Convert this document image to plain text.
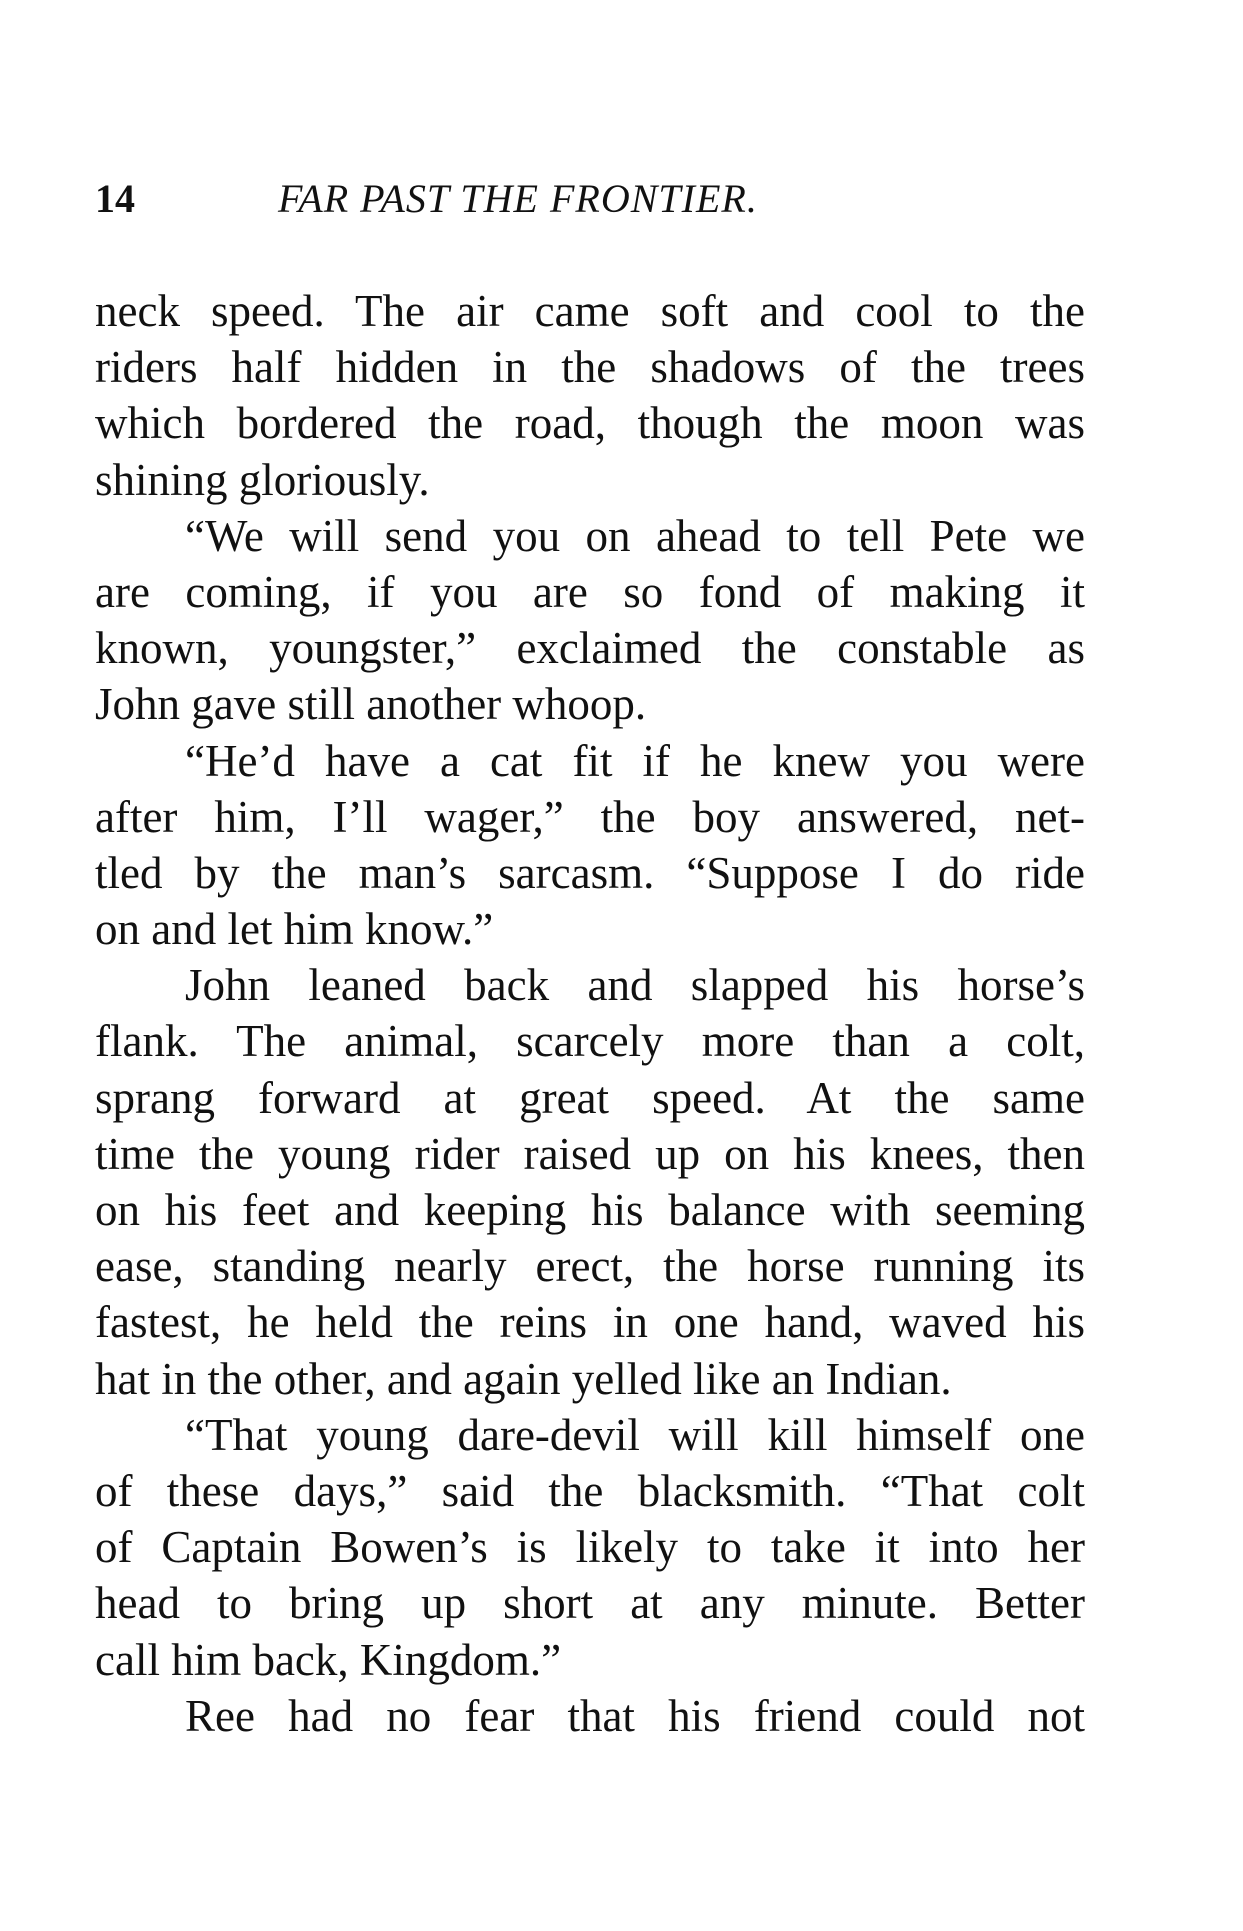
14	FAR PAST THE FRONTIER.
neck speed. The air came soft and cool to the
riders half hidden in the shadows of the trees
which bordered the road, though the moon was
shining gloriously.
“We will send you on ahead to tell Pete we
are coming, if you are so fond of making it
known, youngster,” exclaimed the constable as
John gave still another whoop.
“He’d have a cat fit if he knew you were
after him, I’ll wager,” the boy answered, net-
tled by the man’s sarcasm. “Suppose I do ride
on and let him know.”
John leaned back and slapped his horse’s
flank. The animal, scarcely more than a colt,
sprang forward at great speed. At the same
time the young rider raised up on his knees, then
on his feet and keeping his balance with seeming
ease, standing nearly erect, the horse running its
fastest, he held the reins in one hand, waved his
hat in the other, and again yelled like an Indian.
“That young dare-devil will kill himself one
of these days,” said the blacksmith. “That colt
of Captain Bowen’s is likely to take it into her
head to bring up short at any minute. Better
call him back, Kingdom.”
Ree had no fear that his friend could not
